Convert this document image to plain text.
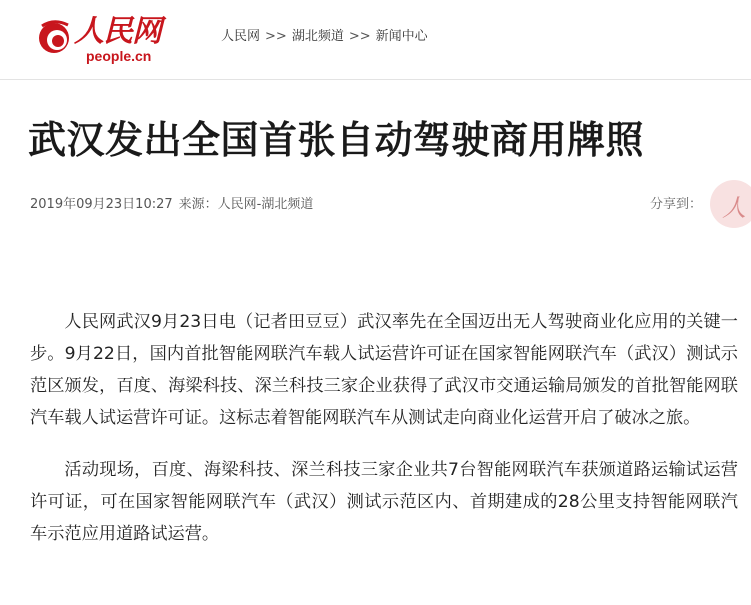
人民网
people.cn
人民网 >> 湖北频道 >> 新闻中心
武汉发出全国首张自动驾驶商用牌照
2019年09月23日10:27 来源：人民网-湖北频道	分享到： 人

人民网武汉9月23日电（记者田豆豆）武汉率先在全国迈出无人驾驶商业化应用的关键一步。9月22日，国内首批智能网联汽车载人试运营许可证在国家智能网联汽车（武汉）测试示范区颁发，百度、海梁科技、深兰科技三家企业获得了武汉市交通运输局颁发的首批智能网联汽车载人试运营许可证。这标志着智能网联汽车从测试走向商业化运营开启了破冰之旅。

活动现场，百度、海梁科技、深兰科技三家企业共7台智能网联汽车获颁道路运输试运营许可证，可在国家智能网联汽车（武汉）测试示范区内、首期建成的28公里支持智能网联汽车示范应用道路试运营。
